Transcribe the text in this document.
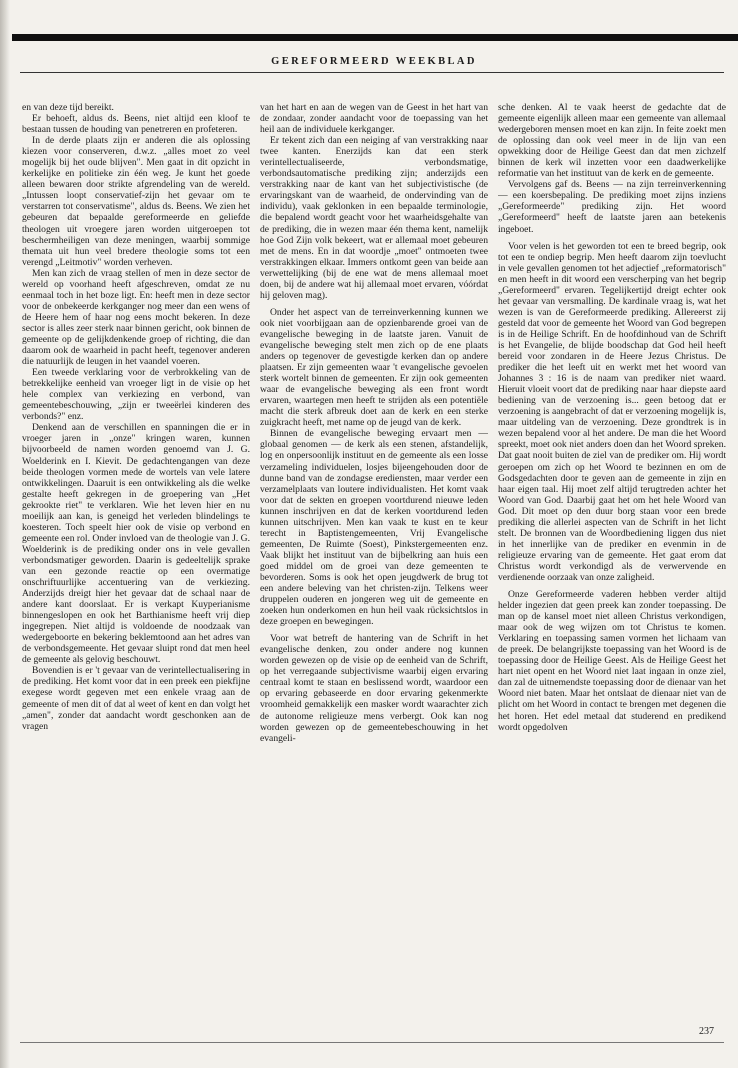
GEREFORMEERD WEEKBLAD

en van deze tijd bereikt.

Er behoeft, aldus ds. Beens, niet altijd een kloof te bestaan tussen de houding van penetreren en profeteren.

In de derde plaats zijn er anderen die als oplossing kiezen voor conserveren, d.w.z. „alles moet zo veel mogelijk bij het oude blijven". Men gaat in dit opzicht in kerkelijke en politieke zin één weg. Je kunt het goede alleen bewaren door strikte afgrendeling van de wereld. „Intussen loopt conservatief-zijn het gevaar om te verstarren tot conservatisme", aldus ds. Beens. We zien het gebeuren dat bepaalde gereformeerde en geliefde theologen uit vroegere jaren worden uitgeroepen tot beschermheiligen van deze meningen, waarbij sommige themata uit hun veel bredere theologie soms tot een verengd „Leitmotiv" worden verheven.

Men kan zich de vraag stellen of men in deze sector de wereld op voorhand heeft afgeschreven, omdat ze nu eenmaal toch in het boze ligt. En: heeft men in deze sector voor de onbekeerde kerkganger nog meer dan een wens of de Heere hem of haar nog eens mocht bekeren. In deze sector is alles zeer sterk naar binnen gericht, ook binnen de gemeente op de gelijkdenkende groep of richting, die dan daarom ook de waarheid in pacht heeft, tegenover anderen die natuurlijk de leugen in het vaandel voeren.

Een tweede verklaring voor de verbrokkeling van de betrekkelijke eenheid van vroeger ligt in de visie op het hele complex van verkiezing en verbond, van gemeentebeschouwing, „zijn er tweeërlei kinderen des verbonds?" enz.

Denkend aan de verschillen en spanningen die er in vroeger jaren in „onze" kringen waren, kunnen bijvoorbeeld de namen worden genoemd van J. G. Woelderink en I. Kievit. De gedachtengangen van deze beide theologen vormen mede de wortels van vele latere ontwikkelingen. Daaruit is een ontwikkeling als die welke gestalte heeft gekregen in de groepering van „Het gekrookte riet" te verklaren. Wie het leven hier en nu moeilijk aan kan, is geneigd het verleden blindelings te koesteren. Toch speelt hier ook de visie op verbond en gemeente een rol. Onder invloed van de theologie van J. G. Woelderink is de prediking onder ons in vele gevallen verbondsmatiger geworden. Daarin is gedeeltelijk sprake van een gezonde reactie op een overmatige onschriftuurlijke accentuering van de verkiezing. Anderzijds dreigt hier het gevaar dat de schaal naar de andere kant doorslaat. Er is verkapt Kuyperianisme binnengeslopen en ook het Barthianisme heeft vrij diep ingegrepen. Niet altijd is voldoende de noodzaak van wedergeboorte en bekering beklemtoond aan het adres van de verbondsgemeente. Het gevaar sluipt rond dat men heel de gemeente als gelovig beschouwt.

Bovendien is er 't gevaar van de verintellectualisering in de prediking. Het komt voor dat in een preek een piekfijne exegese wordt gegeven met een enkele vraag aan de gemeente of men dit of dat al weet of kent en dan volgt het „amen", zonder dat aandacht wordt geschonken aan de vragen

van het hart en aan de wegen van de Geest in het hart van de zondaar, zonder aandacht voor de toepassing van het heil aan de individuele kerkganger.

Er tekent zich dan een neiging af van verstrakking naar twee kanten. Enerzijds kan dat een sterk verintellectualiseerde, verbondsmatige, verbondsautomatische prediking zijn; anderzijds een verstrakking naar de kant van het subjectivistische (de ervaringskant van de waarheid, de ondervinding van de individu), vaak geklonken in een bepaalde terminologie, die bepalend wordt geacht voor het waarheidsgehalte van de prediking, die in wezen maar één thema kent, namelijk hoe God Zijn volk bekeert, wat er allemaal moet gebeuren met de mens. En in dat woordje „moet" ontmoeten twee verstrakkingen elkaar. Immers ontkomt geen van beide aan verwettelijking (bij de ene wat de mens allemaal moet doen, bij de andere wat hij allemaal moet ervaren, vóórdat hij geloven mag).

Onder het aspect van de terreinverkenning kunnen we ook niet voorbijgaan aan de opzienbarende groei van de evangelische beweging in de laatste jaren. Vanuit de evangelische beweging stelt men zich op de ene plaats anders op tegenover de gevestigde kerken dan op andere plaatsen. Er zijn gemeenten waar 't evangelische gevoelen sterk wortelt binnen de gemeenten. Er zijn ook gemeenten waar de evangelische beweging als een front wordt ervaren, waartegen men heeft te strijden als een potentiële macht die sterk afbreuk doet aan de kerk en een sterke zuigkracht heeft, met name op de jeugd van de kerk.

Binnen de evangelische beweging ervaart men — globaal genomen — de kerk als een stenen, afstandelijk, log en onpersoonlijk instituut en de gemeente als een losse verzameling individuelen, losjes bijeengehouden door de dunne band van de zondagse erediensten, maar verder een verzamelplaats van loutere individualisten. Het komt vaak voor dat de sekten en groepen voortdurend nieuwe leden kunnen inschrijven en dat de kerken voortdurend leden kunnen uitschrijven. Men kan vaak te kust en te keur terecht in Baptistengemeenten, Vrij Evangelische gemeenten, De Ruimte (Soest), Pinkstergemeenten enz. Vaak blijkt het instituut van de bijbelkring aan huis een goed middel om de groei van deze gemeenten te bevorderen. Soms is ook het open jeugdwerk de brug tot een andere beleving van het christen-zijn. Telkens weer druppelen ouderen en jongeren weg uit de gemeente en zoeken hun onderkomen en hun heil vaak rücksichtslos in deze groepen en bewegingen.

Voor wat betreft de hantering van de Schrift in het evangelische denken, zou onder andere nog kunnen worden gewezen op de visie op de eenheid van de Schrift, op het verregaande subjectivisme waarbij eigen ervaring centraal komt te staan en beslissend wordt, waardoor een op ervaring gebaseerde en door ervaring gekenmerkte vroomheid gemakkelijk een masker wordt waarachter zich de autonome religieuze mens verbergt. Ook kan nog worden gewezen op de gemeentebeschouwing in het evangeli-

sche denken. Al te vaak heerst de gedachte dat de gemeente eigenlijk alleen maar een gemeente van allemaal wedergeboren mensen moet en kan zijn. In feite zoekt men de oplossing dan ook veel meer in de lijn van een opwekking door de Heilige Geest dan dat men zichzelf binnen de kerk wil inzetten voor een daadwerkelijke reformatie van het instituut van de kerk en de gemeente.

Vervolgens gaf ds. Beens — na zijn terreinverkenning — een koersbepaling. De prediking moet zijns inziens „Gereformeerde" prediking zijn. Het woord „Gereformeerd" heeft de laatste jaren aan betekenis ingeboet.

Voor velen is het geworden tot een te breed begrip, ook tot een te ondiep begrip. Men heeft daarom zijn toevlucht in vele gevallen genomen tot het adjectief „reformatorisch" en men heeft in dit woord een verscherping van het begrip „Gereformeerd" ervaren. Tegelijkertijd dreigt echter ook het gevaar van versmalling. De kardinale vraag is, wat het wezen is van de Gereformeerde prediking. Allereerst zij gesteld dat voor de gemeente het Woord van God begrepen is in de Heilige Schrift. En de hoofdinhoud van de Schrift is het Evangelie, de blijde boodschap dat God heil heeft bereid voor zondaren in de Heere Jezus Christus. De prediker die het leeft uit en werkt met het woord van Johannes 3 : 16 is de naam van prediker niet waard. Hieruit vloeit voort dat de prediking naar haar diepste aard bediening van de verzoening is... geen betoog dat er verzoening is aangebracht of dat er verzoening mogelijk is, maar uitdeling van de verzoening. Deze grondtrek is in wezen bepalend voor al het andere. De man die het Woord spreekt, moet ook niet anders doen dan het Woord spreken. Dat gaat nooit buiten de ziel van de prediker om. Hij wordt geroepen om zich op het Woord te bezinnen en om de Godsgedachten door te geven aan de gemeente in zijn en haar eigen taal. Hij moet zelf altijd terugtreden achter het Woord van God. Daarbij gaat het om het hele Woord van God. Dit moet op den duur borg staan voor een brede prediking die allerlei aspecten van de Schrift in het licht stelt. De bronnen van de Woordbediening liggen dus niet in het innerlijke van de prediker en evenmin in de religieuze ervaring van de gemeente. Het gaat erom dat Christus wordt verkondigd als de verwervende en verdienende oorzaak van onze zaligheid.

Onze Gereformeerde vaderen hebben verder altijd helder ingezien dat geen preek kan zonder toepassing. De man op de kansel moet niet alleen Christus verkondigen, maar ook de weg wijzen om tot Christus te komen. Verklaring en toepassing samen vormen het lichaam van de preek. De belangrijkste toepassing van het Woord is de toepassing door de Heilige Geest. Als de Heilige Geest het hart niet opent en het Woord niet laat ingaan in onze ziel, dan zal de uitnemendste toepassing door de dienaar van het Woord niet baten. Maar het ontslaat de dienaar niet van de plicht om het Woord in contact te brengen met degenen die het horen. Het edel metaal dat studerend en predikend wordt opgedolven

237
